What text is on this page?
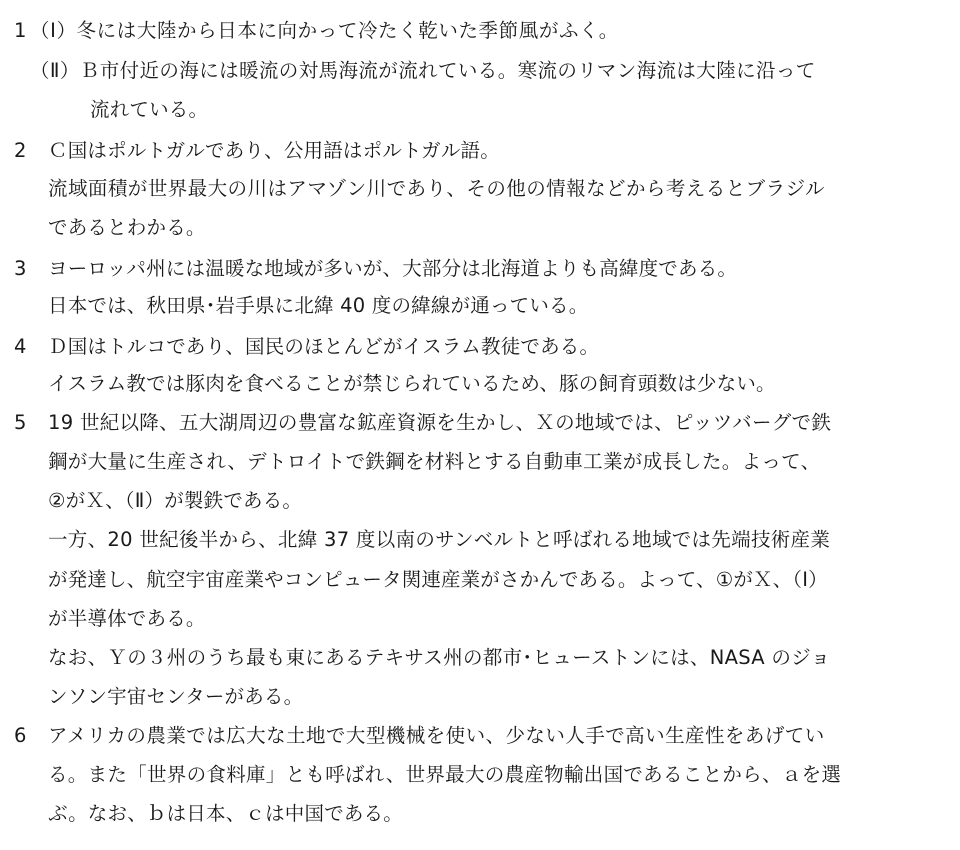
1 （Ⅰ）冬には大陸から日本に向かって冷たく乾いた季節風がふく。
（Ⅱ）Ｂ市付近の海には暖流の対馬海流が流れている。寒流のリマン海流は大陸に沿って
流れている。
2 Ｃ国はポルトガルであり、公用語はポルトガル語。
流域面積が世界最大の川はアマゾン川であり、その他の情報などから考えるとブラジル
であるとわかる。
3 ヨーロッパ州には温暖な地域が多いが、大部分は北海道よりも高緯度である。
日本では、秋田県･岩手県に北緯 40 度の緯線が通っている。
4 Ｄ国はトルコであり、国民のほとんどがイスラム教徒である。
イスラム教では豚肉を食べることが禁じられているため、豚の飼育頭数は少ない。
5 19 世紀以降、五大湖周辺の豊富な鉱産資源を生かし、Ｘの地域では、ピッツバーグで鉄
鋼が大量に生産され、デトロイトで鉄鋼を材料とする自動車工業が成長した。よって、
②がＸ、（Ⅱ）が製鉄である。
一方、20 世紀後半から、北緯 37 度以南のサンベルトと呼ばれる地域では先端技術産業
が発達し、航空宇宙産業やコンピュータ関連産業がさかんである。よって、①がＸ、（Ⅰ）
が半導体である。
なお、Ｙの３州のうち最も東にあるテキサス州の都市･ヒューストンには、NASA のジョ
ンソン宇宙センターがある。
6 アメリカの農業では広大な土地で大型機械を使い、少ない人手で高い生産性をあげてい
る。また「世界の食料庫」とも呼ばれ、世界最大の農産物輸出国であることから、ａを選
ぶ。なお、ｂは日本、ｃは中国である。
